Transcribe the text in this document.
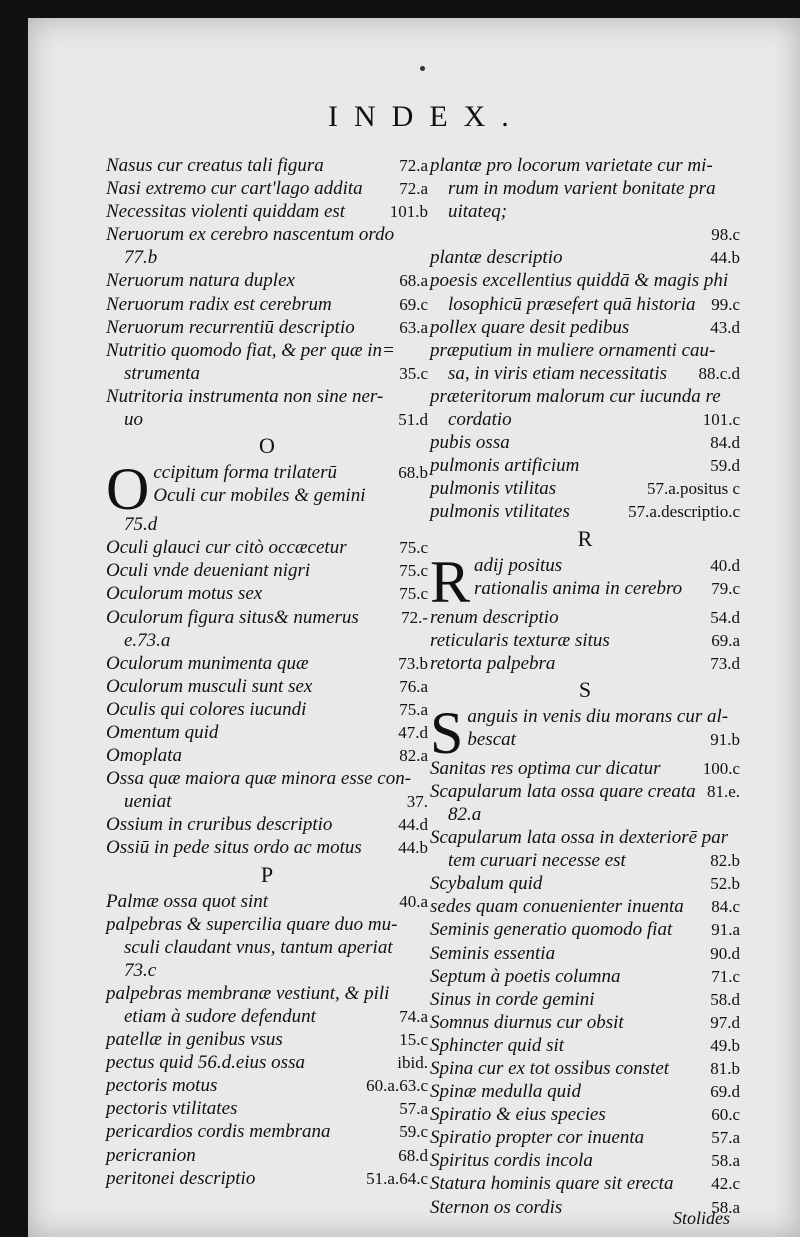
INDEX.
Nasus cur creatus tali figura	72.a
Nasi extremo cur cart'lago addita	72.a
Necessitas violenti quiddam est	101.b
Neruorum ex cerebro nascentum ordo
77.b
Neruorum natura duplex	68.a
Neruorum radix est cerebrum	69.c
Neruorum recurrentiū descriptio	63.a
Nutritio quomodo fiat, & per quæ in=
strumenta	35.c
Nutritoria instrumenta non sine ner-
uo	51.d
O
O ccipitum forma trilaterū	68.b
Oculi cur mobiles & gemini
75.d
Oculi glauci cur citò occæcetur	75.c
Oculi vnde deueniant nigri	75.c
Oculorum motus sex	75.c
Oculorum figura situs& numerus	72.-
e.73.a
Oculorum munimenta quæ	73.b
Oculorum musculi sunt sex	76.a
Oculis qui colores iucundi	75.a
Omentum quid	47.d
Omoplata	82.a
Ossa quæ maiora quæ minora esse con-
ueniat	37.
Ossium in cruribus descriptio	44.d
Ossiū in pede situs ordo ac motus	44.b
P
Palmæ ossa quot sint	40.a
palpebras & supercilia quare duo mu-
sculi claudant vnus, tantum aperiat
73.c
palpebras membranæ vestiunt, & pili
etiam à sudore defendunt	74.a
patellæ in genibus vsus	15.c
pectus quid 56.d.eius ossa	ibid.
pectoris motus	60.a.63.c
pectoris vtilitates	57.a
pericardios cordis membrana	59.c
pericranion	68.d
peritonei descriptio	51.a.64.c
plantæ pro locorum varietate cur mi-
rum in modum varient bonitate pra
uitateq;
98.c
plantæ descriptio	44.b
poesis excellentius quiddā & magis phi
losophicū præsefert quā historia 99.c
pollex quare desit pedibus	43.d
præputium in muliere ornamenti cau-
sa, in viris etiam necessitatis	88.c.d
præteritorum malorum cur iucunda re
cordatio	101.c
pubis ossa	84.d
pulmonis artificium	59.d
pulmonis vtilitas	57.a.positus c
pulmonis vtilitates	57.a.descriptio.c
R
R adij positus	40.d
rationalis anima in cerebro	79.c
renum descriptio	54.d
reticularis texturæ situs	69.a
retorta palpebra	73.d
S
S anguis in venis diu morans cur al-
bescat	91.b
Sanitas res optima cur dicatur	100.c
Scapularum lata ossa quare creata 81.e.
82.a
Scapularum lata ossa in dexteriorē par
tem curuari necesse est	82.b
Scybalum quid	52.b
sedes quam conuenienter inuenta	84.c
Seminis generatio quomodo fiat	91.a
Seminis essentia	90.d
Septum à poetis columna	71.c
Sinus in corde gemini	58.d
Somnus diurnus cur obsit	97.d
Sphincter quid sit	49.b
Spina cur ex tot ossibus constet	81.b
Spinæ medulla quid	69.d
Spiratio & eius species	60.c
Spiratio propter cor inuenta	57.a
Spiritus cordis incola	58.a
Statura hominis quare sit erecta	42.c
Sternon os cordis	58.a
Stolides
